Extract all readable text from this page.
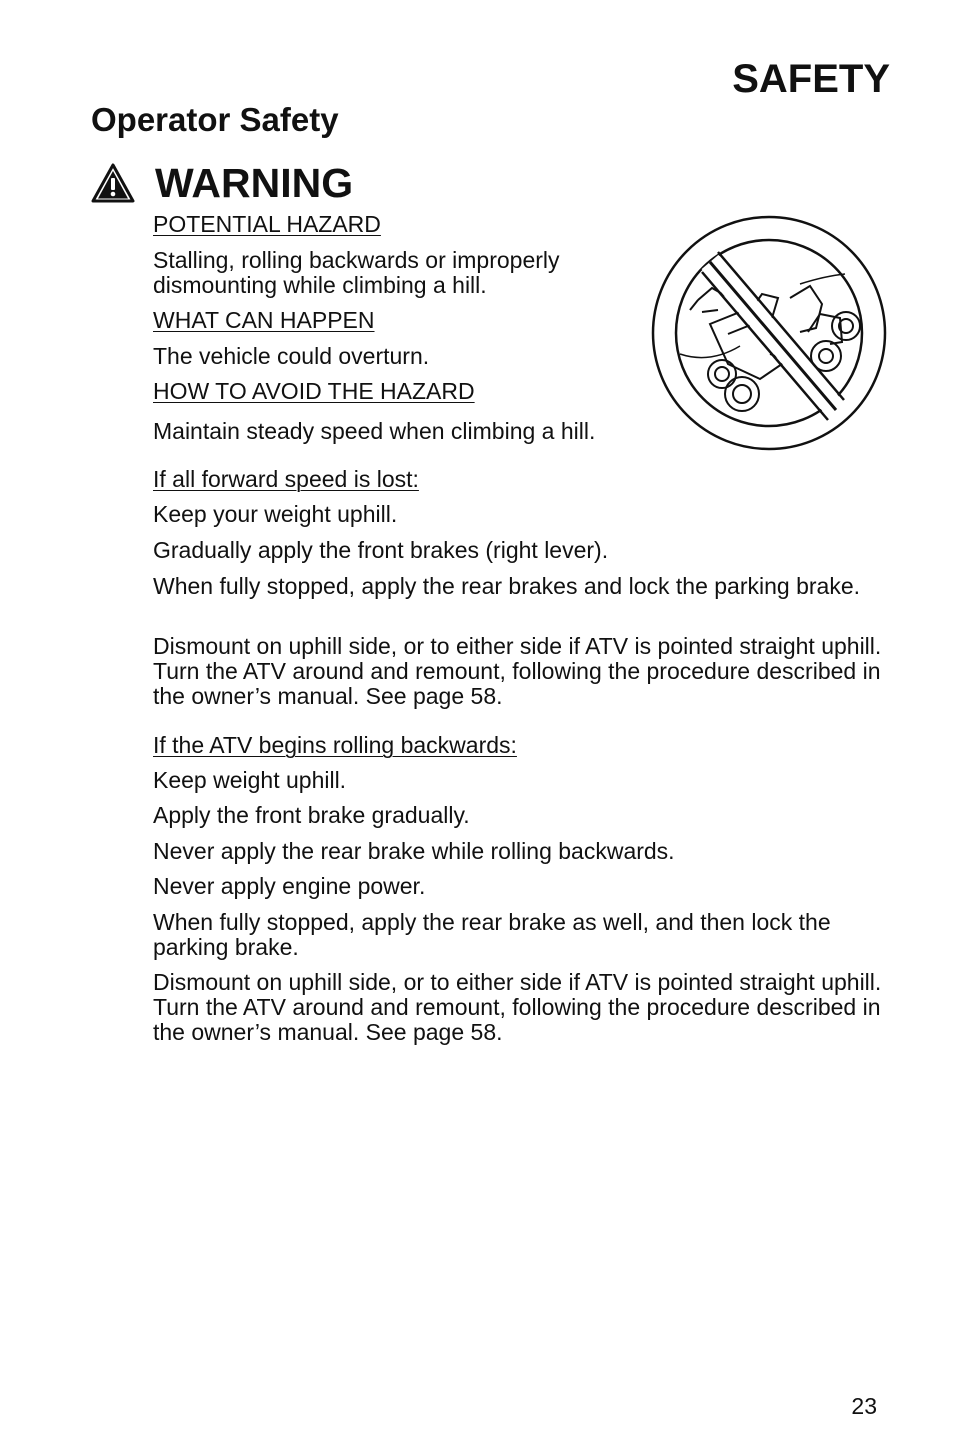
SAFETY
Operator Safety
WARNING

POTENTIAL HAZARD

Stalling, rolling backwards or improperly

dismounting while climbing a hill.

WHAT CAN HAPPEN

The vehicle could overturn.

HOW TO AVOID THE HAZARD

Maintain steady speed when climbing a hill.

If all forward speed is lost:

Keep your weight uphill.

Gradually apply the front brakes (right lever).

When fully stopped, apply the rear brakes and lock the parking brake.

Dismount on uphill side, or to either side if ATV is pointed straight uphill. Turn the ATV around and remount, following the procedure described in the owner’s manual. See page 58.

If the ATV begins rolling backwards:

Keep weight uphill.

Apply the front brake gradually.

Never apply the rear brake while rolling backwards.

Never apply engine power.

When fully stopped, apply the rear brake as well, and then lock the parking brake.

Dismount on uphill side, or to either side if ATV is pointed straight uphill. Turn the ATV around and remount, following the procedure described in the owner’s manual. See page 58.

23
